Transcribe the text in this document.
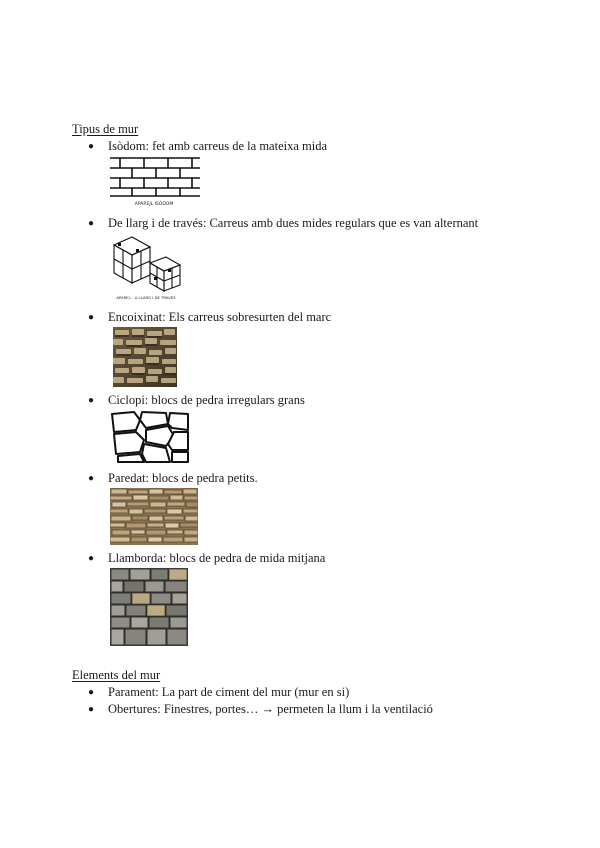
Tipus de mur
● Isòdom: fet amb carreus de la mateixa mida
APAREJL ISÒDOM
● De llarg i de través: Carreus amb dues mides regulars que es van alternant
APAREJ… A LLARG I DE TRAVÉS
● Encoixinat: Els carreus sobresurten del marc
● Ciclopi: blocs de pedra irregulars grans
● Paredat: blocs de pedra petits.
● Llamborda: blocs de pedra de mida mitjana
Elements del mur
● Parament: La part de ciment del mur (mur en si)
● Obertures: Finestres, portes… → permeten la llum i la ventilació
